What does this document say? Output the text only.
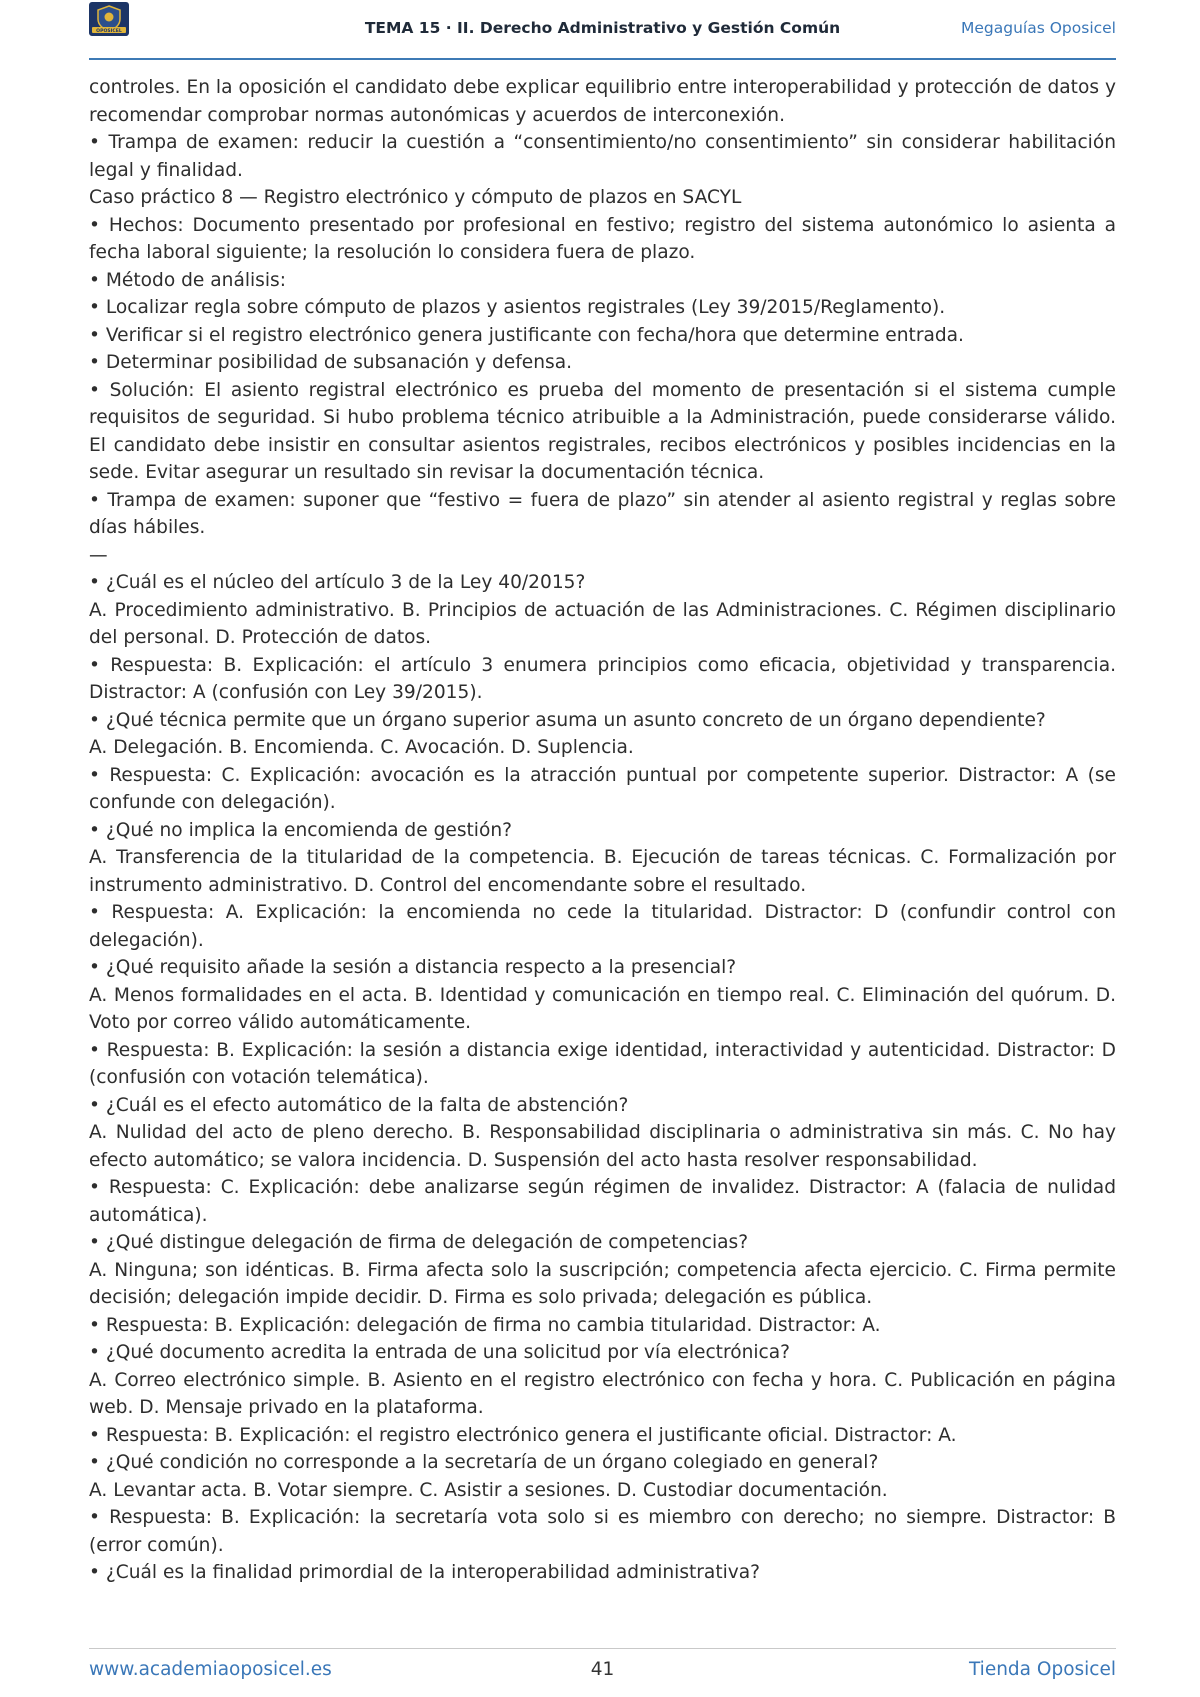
OPOSICEL	TEMA 15 · II. Derecho Administrativo y Gestión Común	Megaguías Oposicel

controles. En la oposición el candidato debe explicar equilibrio entre interoperabilidad y protección de datos y recomendar comprobar normas autonómicas y acuerdos de interconexión.

• Trampa de examen: reducir la cuestión a “consentimiento/no consentimiento” sin considerar habilitación legal y finalidad.

Caso práctico 8 — Registro electrónico y cómputo de plazos en SACYL

• Hechos: Documento presentado por profesional en festivo; registro del sistema autonómico lo asienta a fecha laboral siguiente; la resolución lo considera fuera de plazo.

• Método de análisis:

• Localizar regla sobre cómputo de plazos y asientos registrales (Ley 39/2015/Reglamento).

• Verificar si el registro electrónico genera justificante con fecha/hora que determine entrada.

• Determinar posibilidad de subsanación y defensa.

• Solución: El asiento registral electrónico es prueba del momento de presentación si el sistema cumple requisitos de seguridad. Si hubo problema técnico atribuible a la Administración, puede considerarse válido. El candidato debe insistir en consultar asientos registrales, recibos electrónicos y posibles incidencias en la sede. Evitar asegurar un resultado sin revisar la documentación técnica.

• Trampa de examen: suponer que “festivo = fuera de plazo” sin atender al asiento registral y reglas sobre días hábiles.

—

• ¿Cuál es el núcleo del artículo 3 de la Ley 40/2015?

A. Procedimiento administrativo. B. Principios de actuación de las Administraciones. C. Régimen disciplinario del personal. D. Protección de datos.

• Respuesta: B. Explicación: el artículo 3 enumera principios como eficacia, objetividad y transparencia. Distractor: A (confusión con Ley 39/2015).

• ¿Qué técnica permite que un órgano superior asuma un asunto concreto de un órgano dependiente?

A. Delegación. B. Encomienda. C. Avocación. D. Suplencia.

• Respuesta: C. Explicación: avocación es la atracción puntual por competente superior. Distractor: A (se confunde con delegación).

• ¿Qué no implica la encomienda de gestión?

A. Transferencia de la titularidad de la competencia. B. Ejecución de tareas técnicas. C. Formalización por instrumento administrativo. D. Control del encomendante sobre el resultado.

• Respuesta: A. Explicación: la encomienda no cede la titularidad. Distractor: D (confundir control con delegación).

• ¿Qué requisito añade la sesión a distancia respecto a la presencial?

A. Menos formalidades en el acta. B. Identidad y comunicación en tiempo real. C. Eliminación del quórum. D. Voto por correo válido automáticamente.

• Respuesta: B. Explicación: la sesión a distancia exige identidad, interactividad y autenticidad. Distractor: D (confusión con votación telemática).

• ¿Cuál es el efecto automático de la falta de abstención?

A. Nulidad del acto de pleno derecho. B. Responsabilidad disciplinaria o administrativa sin más. C. No hay efecto automático; se valora incidencia. D. Suspensión del acto hasta resolver responsabilidad.

• Respuesta: C. Explicación: debe analizarse según régimen de invalidez. Distractor: A (falacia de nulidad automática).

• ¿Qué distingue delegación de firma de delegación de competencias?

A. Ninguna; son idénticas. B. Firma afecta solo la suscripción; competencia afecta ejercicio. C. Firma permite decisión; delegación impide decidir. D. Firma es solo privada; delegación es pública.

• Respuesta: B. Explicación: delegación de firma no cambia titularidad. Distractor: A.

• ¿Qué documento acredita la entrada de una solicitud por vía electrónica?

A. Correo electrónico simple. B. Asiento en el registro electrónico con fecha y hora. C. Publicación en página web. D. Mensaje privado en la plataforma.

• Respuesta: B. Explicación: el registro electrónico genera el justificante oficial. Distractor: A.

• ¿Qué condición no corresponde a la secretaría de un órgano colegiado en general?

A. Levantar acta. B. Votar siempre. C. Asistir a sesiones. D. Custodiar documentación.

• Respuesta: B. Explicación: la secretaría vota solo si es miembro con derecho; no siempre. Distractor: B (error común).

• ¿Cuál es la finalidad primordial de la interoperabilidad administrativa?

www.academiaoposicel.es	41	Tienda Oposicel
